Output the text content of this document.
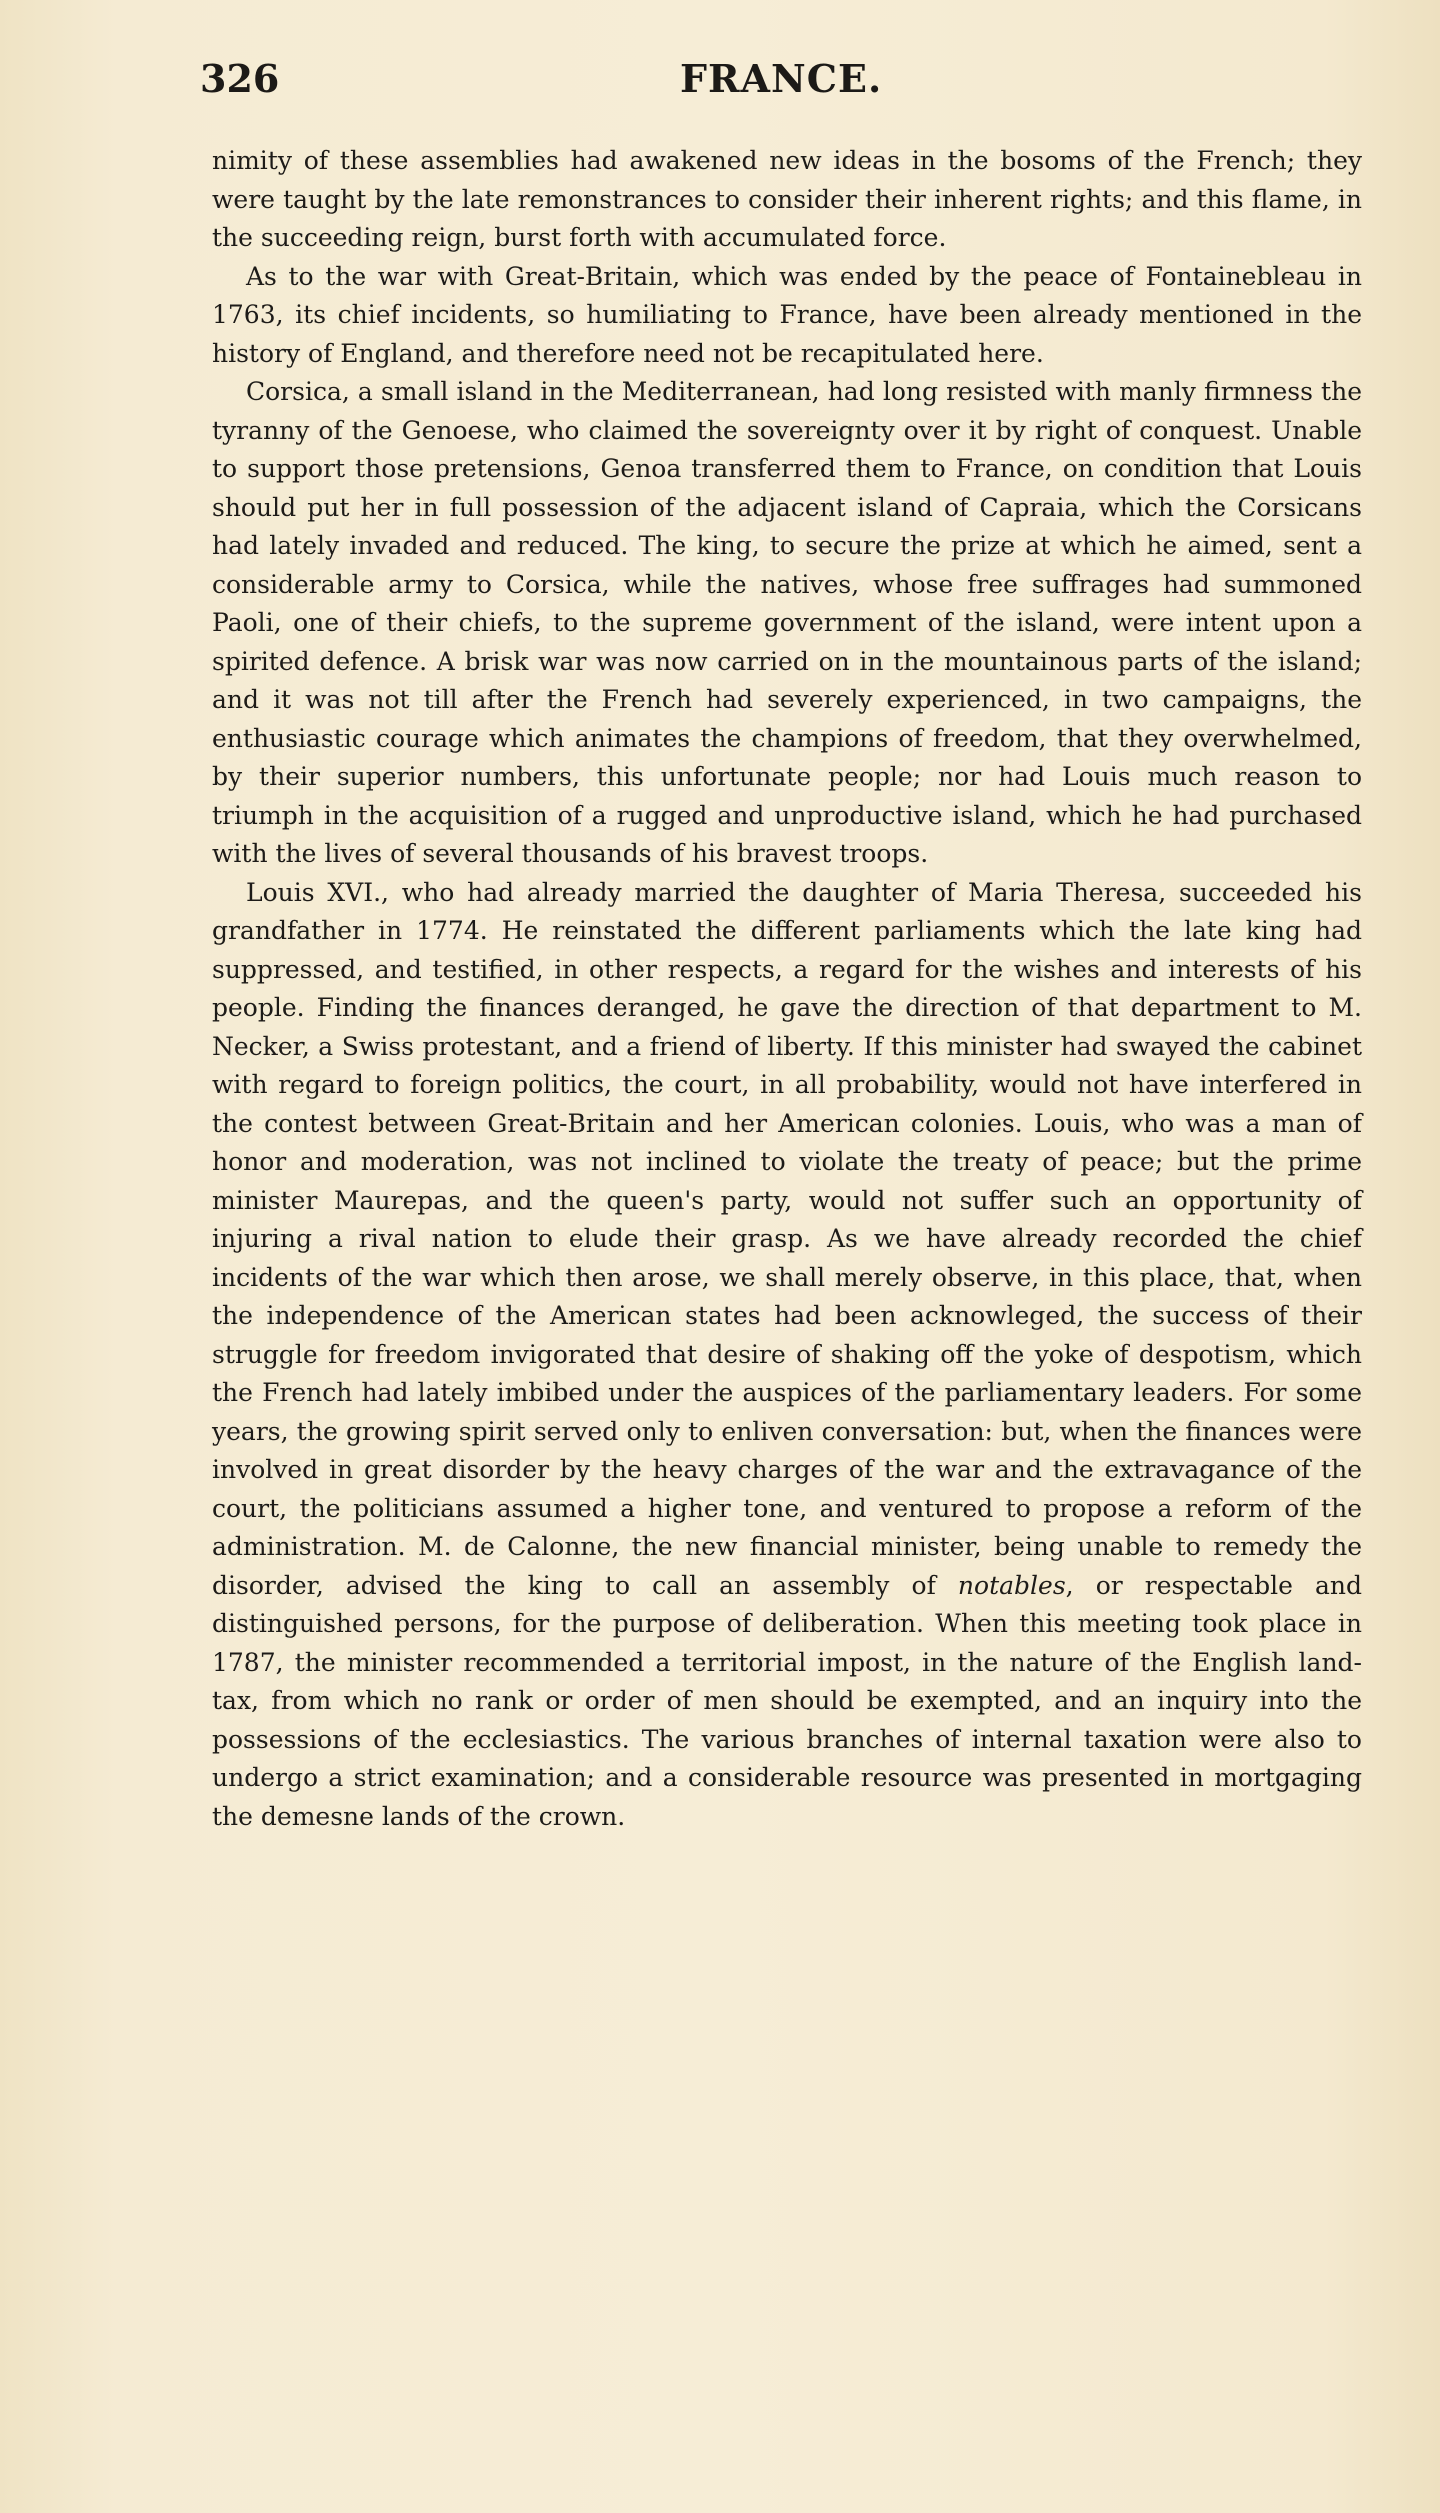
326	FRANCE.

nimity of these assemblies had awakened new ideas in the bosoms of the French; they were taught by the late remonstrances to consider their inherent rights; and this flame, in the succeeding reign, burst forth with accumulated force.

As to the war with Great-Britain, which was ended by the peace of Fontainebleau in 1763, its chief incidents, so humiliating to France, have been already mentioned in the history of England, and therefore need not be recapitulated here.

Corsica, a small island in the Mediterranean, had long resisted with manly firmness the tyranny of the Genoese, who claimed the sovereignty over it by right of conquest. Unable to support those pretensions, Genoa transferred them to France, on condition that Louis should put her in full possession of the adjacent island of Capraia, which the Corsicans had lately invaded and reduced. The king, to secure the prize at which he aimed, sent a considerable army to Corsica, while the natives, whose free suffrages had summoned Paoli, one of their chiefs, to the supreme government of the island, were intent upon a spirited defence. A brisk war was now carried on in the mountainous parts of the island; and it was not till after the French had severely experienced, in two campaigns, the enthusiastic courage which animates the champions of freedom, that they overwhelmed, by their superior numbers, this unfortunate people; nor had Louis much reason to triumph in the acquisition of a rugged and unproductive island, which he had purchased with the lives of several thousands of his bravest troops.

Louis XVI., who had already married the daughter of Maria Theresa, succeeded his grandfather in 1774. He reinstated the different parliaments which the late king had suppressed, and testified, in other respects, a regard for the wishes and interests of his people. Finding the finances deranged, he gave the direction of that department to M. Necker, a Swiss protestant, and a friend of liberty. If this minister had swayed the cabinet with regard to foreign politics, the court, in all probability, would not have interfered in the contest between Great-Britain and her American colonies. Louis, who was a man of honor and moderation, was not inclined to violate the treaty of peace; but the prime minister Maurepas, and the queen's party, would not suffer such an opportunity of injuring a rival nation to elude their grasp. As we have already recorded the chief incidents of the war which then arose, we shall merely observe, in this place, that, when the independence of the American states had been acknowleged, the success of their struggle for freedom invigorated that desire of shaking off the yoke of despotism, which the French had lately imbibed under the auspices of the parliamentary leaders. For some years, the growing spirit served only to enliven conversation: but, when the finances were involved in great disorder by the heavy charges of the war and the extravagance of the court, the politicians assumed a higher tone, and ventured to propose a reform of the administration. M. de Calonne, the new financial minister, being unable to remedy the disorder, advised the king to call an assembly of notables, or respectable and distinguished persons, for the purpose of deliberation. When this meeting took place in 1787, the minister recommended a territorial impost, in the nature of the English land-tax, from which no rank or order of men should be exempted, and an inquiry into the possessions of the ecclesiastics. The various branches of internal taxation were also to undergo a strict examination; and a considerable resource was presented in mortgaging the demesne lands of the crown.
